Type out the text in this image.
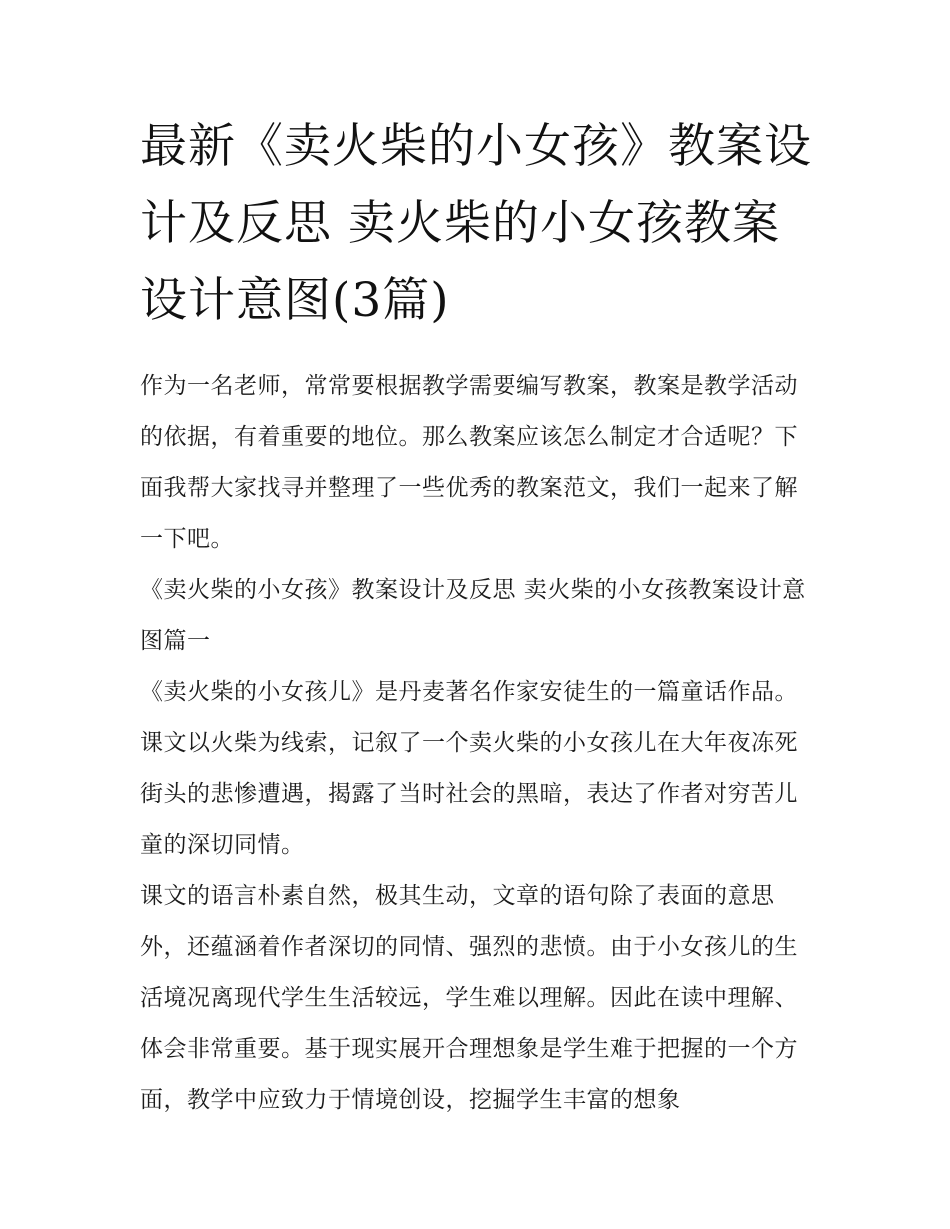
最新《卖火柴的小女孩》教案设计及反思 卖火柴的小女孩教案设计意图(3篇)

作为一名老师，常常要根据教学需要编写教案，教案是教学活动的依据，有着重要的地位。那么教案应该怎么制定才合适呢？下面我帮大家找寻并整理了一些优秀的教案范文，我们一起来了解一下吧。

《卖火柴的小女孩》教案设计及反思 卖火柴的小女孩教案设计意图篇一

《卖火柴的小女孩儿》是丹麦著名作家安徒生的一篇童话作品。课文以火柴为线索，记叙了一个卖火柴的小女孩儿在大年夜冻死街头的悲惨遭遇，揭露了当时社会的黑暗，表达了作者对穷苦儿童的深切同情。

课文的语言朴素自然，极其生动，文章的语句除了表面的意思外，还蕴涵着作者深切的同情、强烈的悲愤。由于小女孩儿的生活境况离现代学生生活较远，学生难以理解。因此在读中理解、体会非常重要。基于现实展开合理想象是学生难于把握的一个方面，教学中应致力于情境创设，挖掘学生丰富的想象
